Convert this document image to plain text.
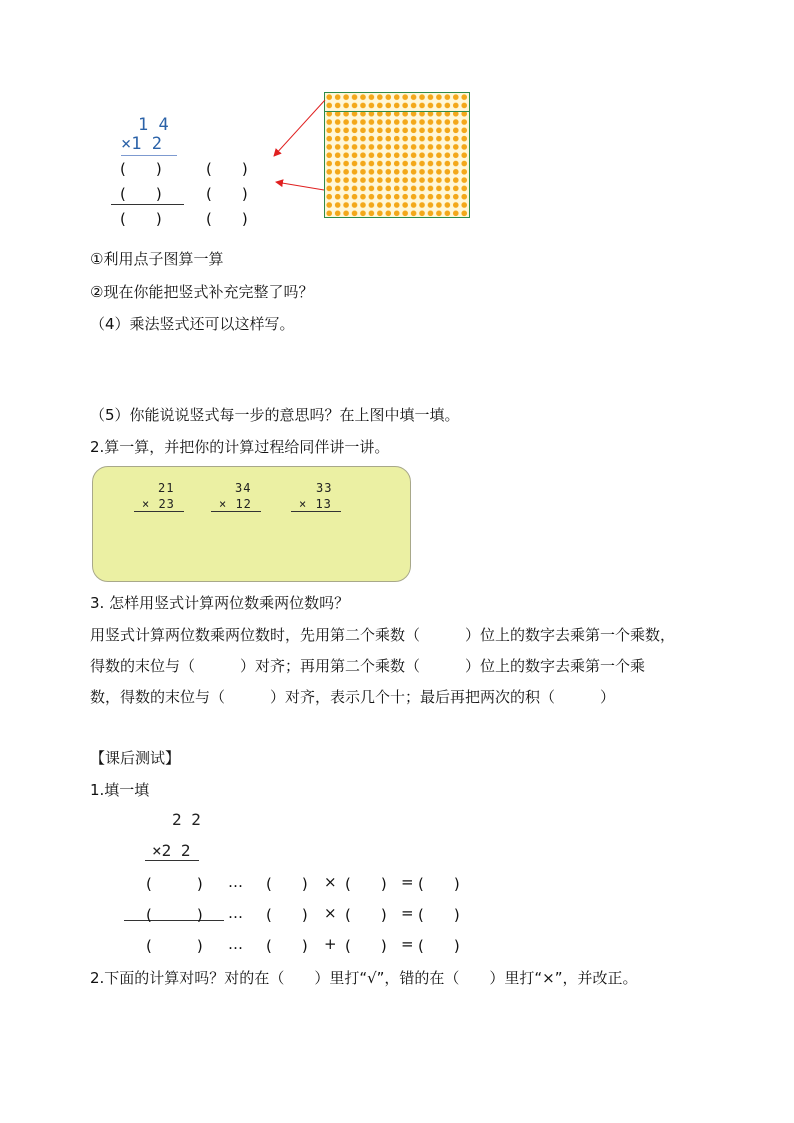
1 4
×1 2
(　　)
(　　)
(　　)
(　　)
(　　)
(　　)
①利用点子图算一算
②现在你能把竖式补充完整了吗？
（4）乘法竖式还可以这样写。
（5）你能说说竖式每一步的意思吗？在上图中填一填。
2.算一算，并把你的计算过程给同伴讲一讲。
21
× 23
34
× 12
33
× 13
3. 怎样用竖式计算两位数乘两位数吗？
用竖式计算两位数乘两位数时，先用第二个乘数（　　　）位上的数字去乘第一个乘数，
得数的末位与（　　　）对齐；再用第二个乘数（　　　）位上的数字去乘第一个乘
数，得数的末位与（　　　）对齐，表示几个十；最后再把两次的积（　　　）
【课后测试】
1.填一填
2 2
×2 2
(　　　) … (　　) × (　　) = (　　)
(　　　) … (　　) × (　　) = (　　)
(　　　) … (　　) + (　　) = (　　)
2.下面的计算对吗？对的在（　　）里打“√”，错的在（　　）里打“×”，并改正。
